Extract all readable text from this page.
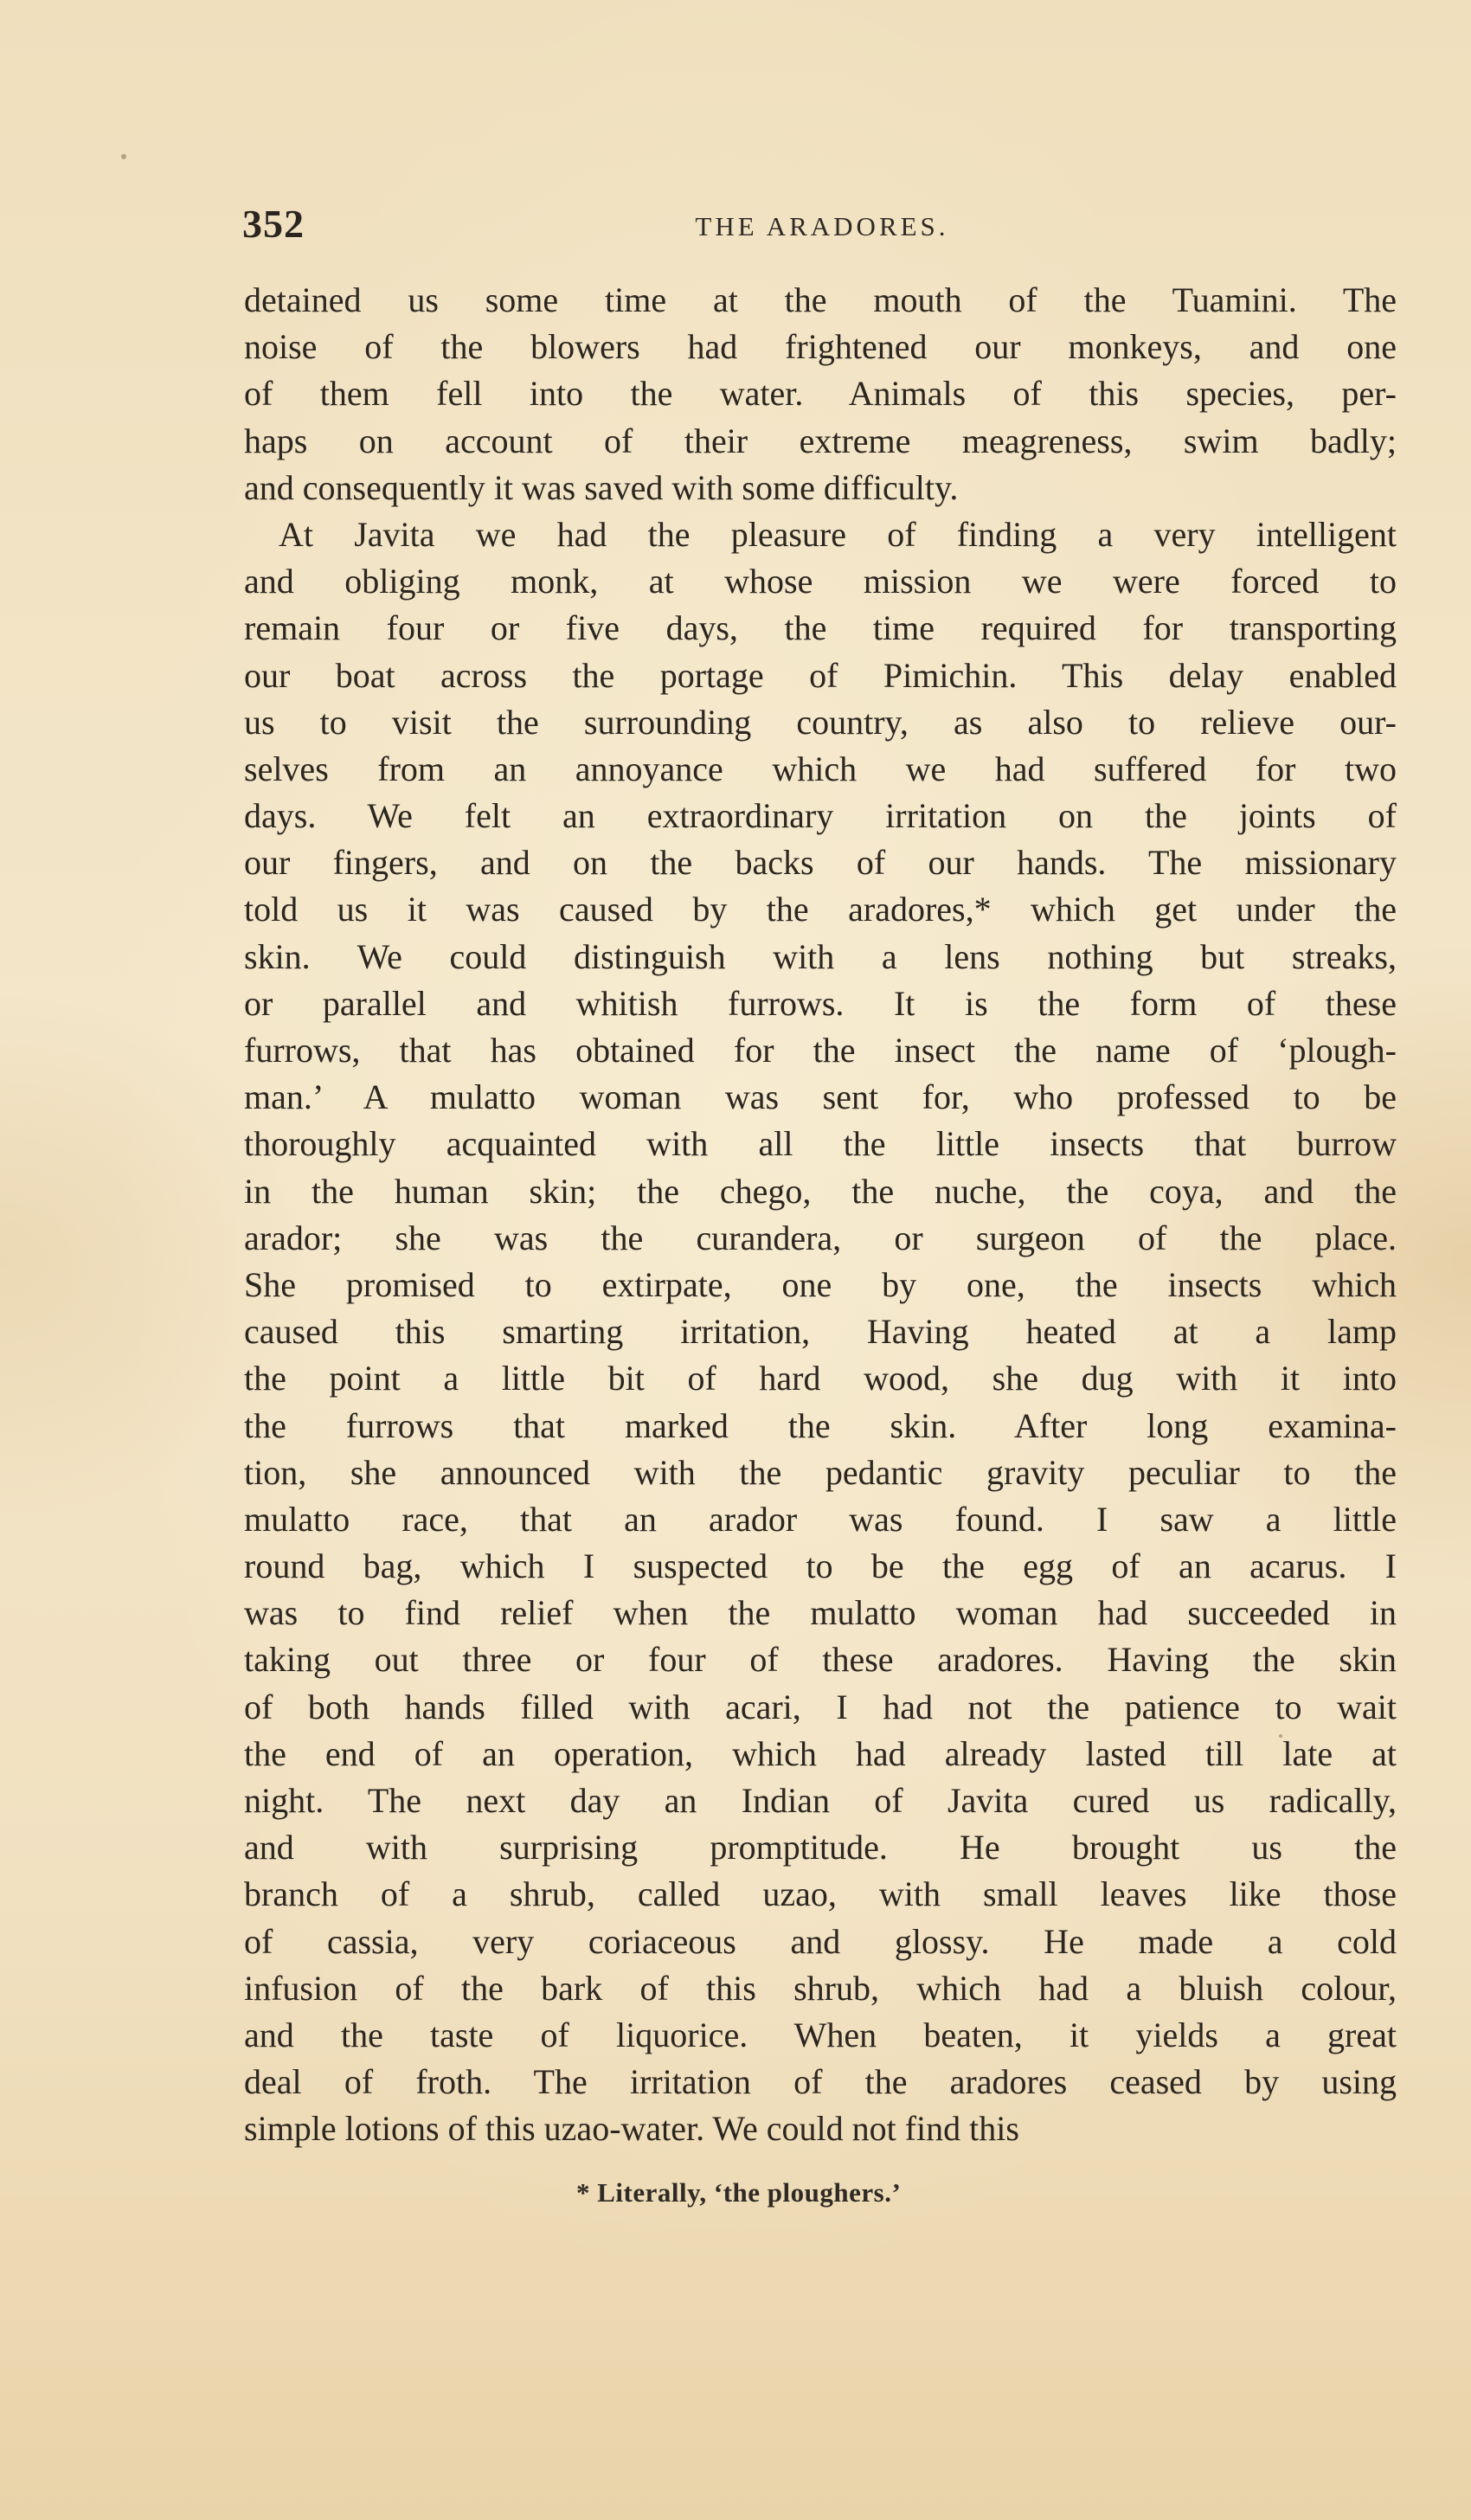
352	THE ARADORES.
detained us some time at the mouth of the Tuamini. The
noise of the blowers had frightened our monkeys, and one
of them fell into the water. Animals of this species, per-
haps on account of their extreme meagreness, swim badly;
and consequently it was saved with some difficulty.
At Javita we had the pleasure of finding a very intelligent
and obliging monk, at whose mission we were forced to
remain four or five days, the time required for transporting
our boat across the portage of Pimichin. This delay enabled
us to visit the surrounding country, as also to relieve our-
selves from an annoyance which we had suffered for two
days. We felt an extraordinary irritation on the joints of
our fingers, and on the backs of our hands. The missionary
told us it was caused by the aradores,* which get under the
skin. We could distinguish with a lens nothing but streaks,
or parallel and whitish furrows. It is the form of these
furrows, that has obtained for the insect the name of ‘plough-
man.’ A mulatto woman was sent for, who professed to be
thoroughly acquainted with all the little insects that burrow
in the human skin; the chego, the nuche, the coya, and the
arador; she was the curandera, or surgeon of the place.
She promised to extirpate, one by one, the insects which
caused this smarting irritation, Having heated at a lamp
the point a little bit of hard wood, she dug with it into
the furrows that marked the skin. After long examina-
tion, she announced with the pedantic gravity peculiar to the
mulatto race, that an arador was found. I saw a little
round bag, which I suspected to be the egg of an acarus. I
was to find relief when the mulatto woman had succeeded in
taking out three or four of these aradores. Having the skin
of both hands filled with acari, I had not the patience to wait
the end of an operation, which had already lasted till late at
night. The next day an Indian of Javita cured us radically,
and with surprising promptitude. He brought us the
branch of a shrub, called uzao, with small leaves like those
of cassia, very coriaceous and glossy. He made a cold
infusion of the bark of this shrub, which had a bluish colour,
and the taste of liquorice. When beaten, it yields a great
deal of froth. The irritation of the aradores ceased by using
simple lotions of this uzao-water. We could not find this
* Literally, ‘the ploughers.’
